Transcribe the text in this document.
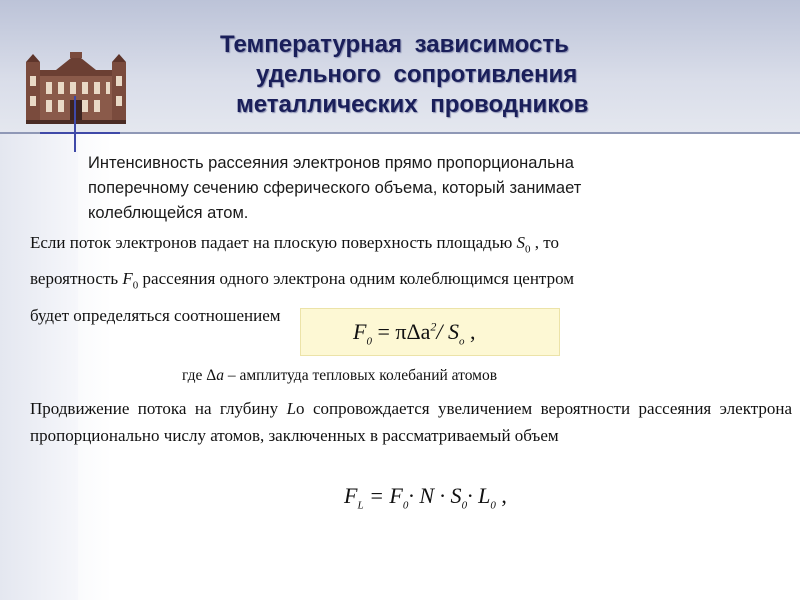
Температурная зависимость
удельного сопротивления
металлических проводников
Интенсивность рассеяния электронов прямо пропорциональна
поперечному сечению сферического объема, который занимает
колеблющейся атом.
Если поток электронов падает на плоскую поверхность площадью $S_0$ , то
вероятность $F_0$ рассеяния одного электрона одним колеблющимся центром
будет определяться соотношением
$F_0 = \pi\Delta a^2/$ $S_o$ ,
где Δa – амплитуда тепловых колебаний атомов
Продвижение потока на глубину Lo сопровождается увеличением вероятности рассеяния электрона пропорционально числу атомов, заключенных в рассматриваемый объем
$F_L = F_0\cdot N \cdot S_0\cdot L_0$ ,
